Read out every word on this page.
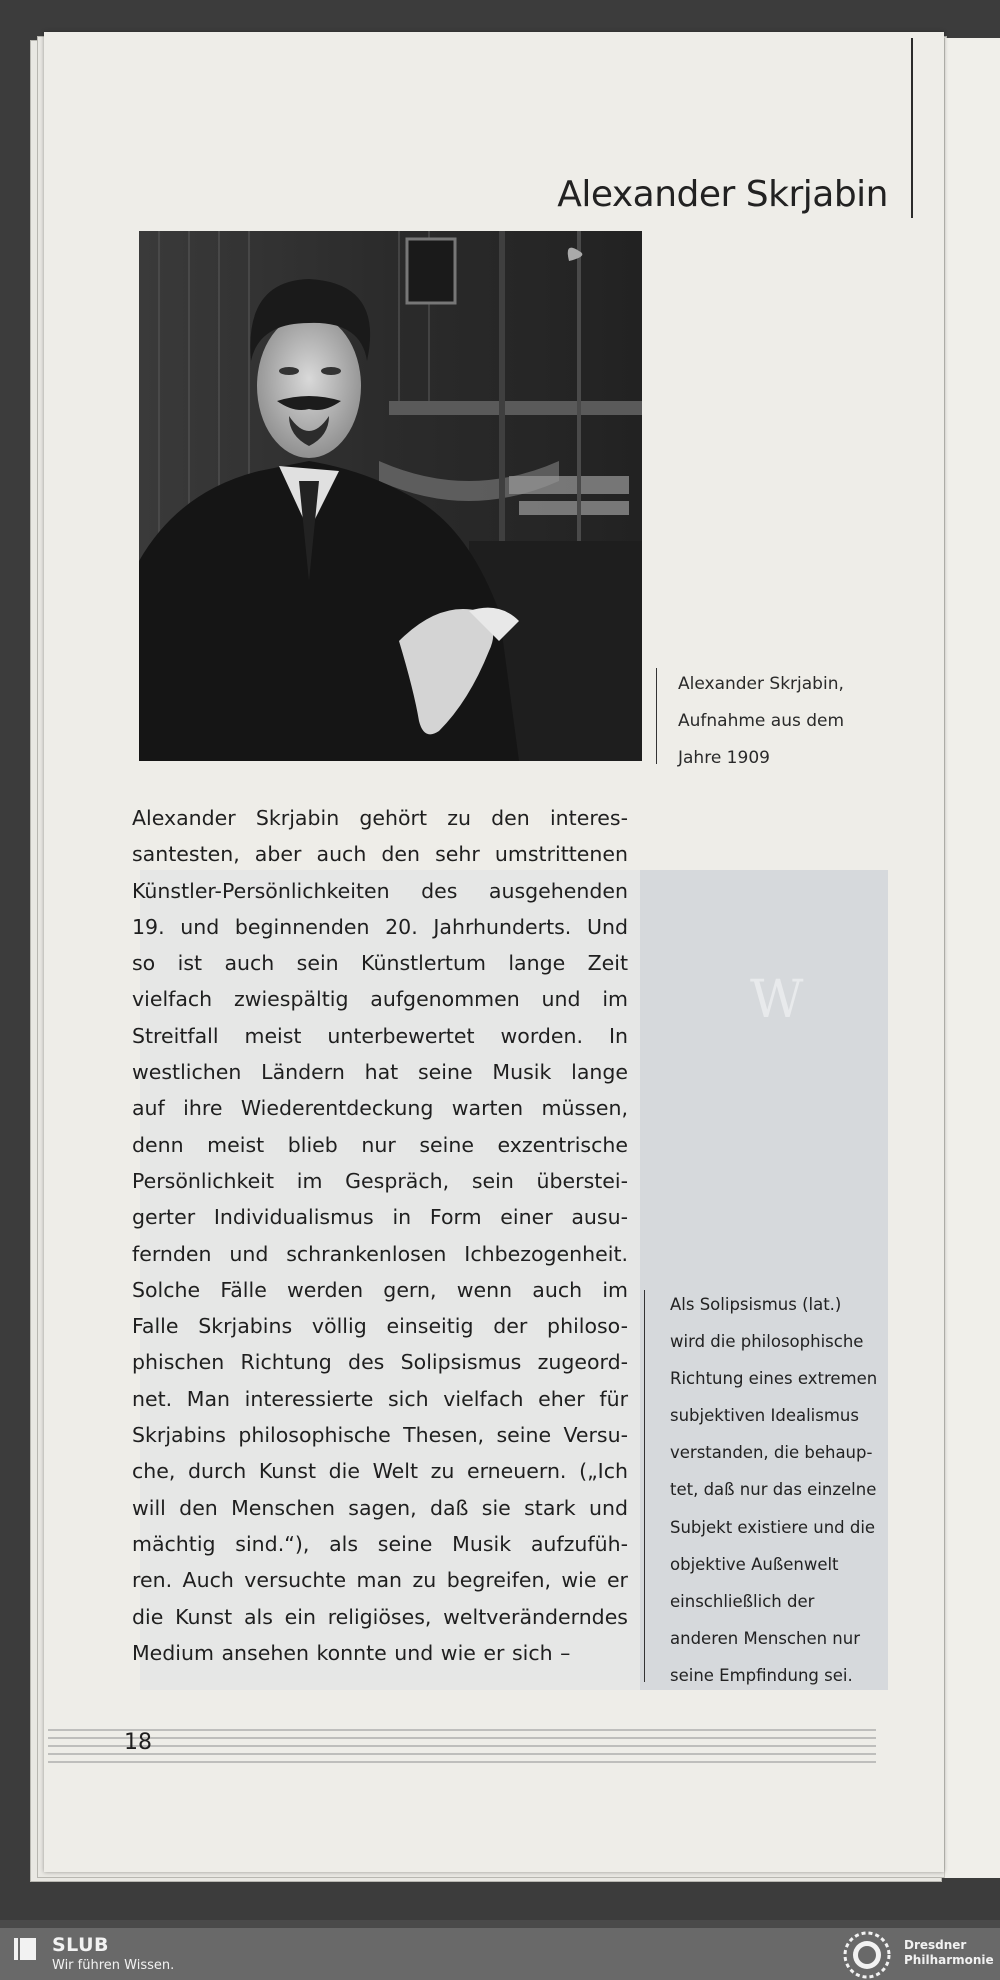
W
Alexander Skrjabin
Alexander Skrjabin,
Aufnahme aus dem
Jahre 1909
Alexander Skrjabin gehört zu den interes-
santesten, aber auch den sehr umstrittenen
Künstler-Persönlichkeiten des ausgehenden
19. und beginnenden 20. Jahrhunderts. Und
so ist auch sein Künstlertum lange Zeit
vielfach zwiespältig aufgenommen und im
Streitfall meist unterbewertet worden. In
westlichen Ländern hat seine Musik lange
auf ihre Wiederentdeckung warten müssen,
denn meist blieb nur seine exzentrische
Persönlichkeit im Gespräch, sein überstei-
gerter Individualismus in Form einer ausu-
fernden und schrankenlosen Ichbezogenheit.
Solche Fälle werden gern, wenn auch im
Falle Skrjabins völlig einseitig der philoso-
phischen Richtung des Solipsismus zugeord-
net. Man interessierte sich vielfach eher für
Skrjabins philosophische Thesen, seine Versu-
che, durch Kunst die Welt zu erneuern. („Ich
will den Menschen sagen, daß sie stark und
mächtig sind.“), als seine Musik aufzufüh-
ren. Auch versuchte man zu begreifen, wie er
die Kunst als ein religiöses, weltveränderndes
Medium ansehen konnte und wie er sich –
Als Solipsismus (lat.)
wird die philosophische
Richtung eines extremen
subjektiven Idealismus
verstanden, die behaup-
tet, daß nur das einzelne
Subjekt existiere und die
objektive Außenwelt
einschließlich der
anderen Menschen nur
seine Empfindung sei.
18
SLUB
Wir führen Wissen.
Dresdner
Philharmonie
